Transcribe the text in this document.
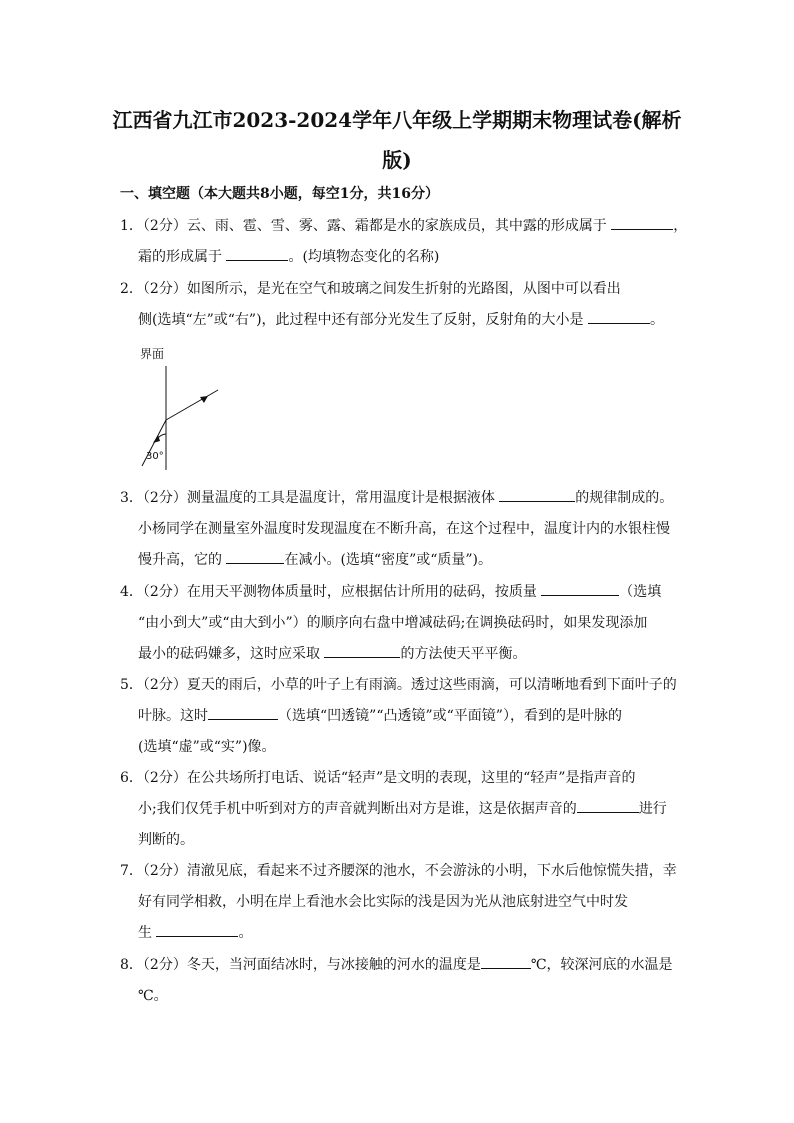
江西省九江市2023-2024学年八年级上学期期末物理试卷(解析
版)
一、填空题（本大题共8小题，每空1分，共16分）
1．（2分）云、雨、雹、雪、雾、露、霜都是水的家族成员，其中露的形成属于	，
霜的形成属于	。(均填物态变化的名称)
2．（2分）如图所示，是光在空气和玻璃之间发生折射的光路图，从图中可以看出
侧(选填“左”或“右”)，此过程中还有部分光发生了反射，反射角的大小是	。
界面
30°
3．（2分）测量温度的工具是温度计，常用温度计是根据液体	的规律制成的。
小杨同学在测量室外温度时发现温度在不断升高，在这个过程中，温度计内的水银柱慢
慢升高，它的	在减小。(选填“密度”或“质量”)。
4．（2分）在用天平测物体质量时，应根据估计所用的砝码，按质量	（选填
“由小到大”或“由大到小”）的顺序向右盘中增减砝码;在调换砝码时，如果发现添加
最小的砝码嫌多，这时应采取	的方法使天平平衡。
5．（2分）夏天的雨后，小草的叶子上有雨滴。透过这些雨滴，可以清晰地看到下面叶子的
叶脉。这时	（选填“凹透镜”“凸透镜”或“平面镜”），看到的是叶脉的
(选填“虚”或“实”)像。
6．（2分）在公共场所打电话、说话“轻声”是文明的表现，这里的“轻声”是指声音的
小;我们仅凭手机中听到对方的声音就判断出对方是谁，这是依据声音的	进行
判断的。
7．（2分）清澈见底，看起来不过齐腰深的池水，不会游泳的小明，下水后他惊慌失措，幸
好有同学相救，小明在岸上看池水会比实际的浅是因为光从池底射进空气中时发
生	。
8．（2分）冬天，当河面结冰时，与冰接触的河水的温度是	℃，较深河底的水温是
℃。
